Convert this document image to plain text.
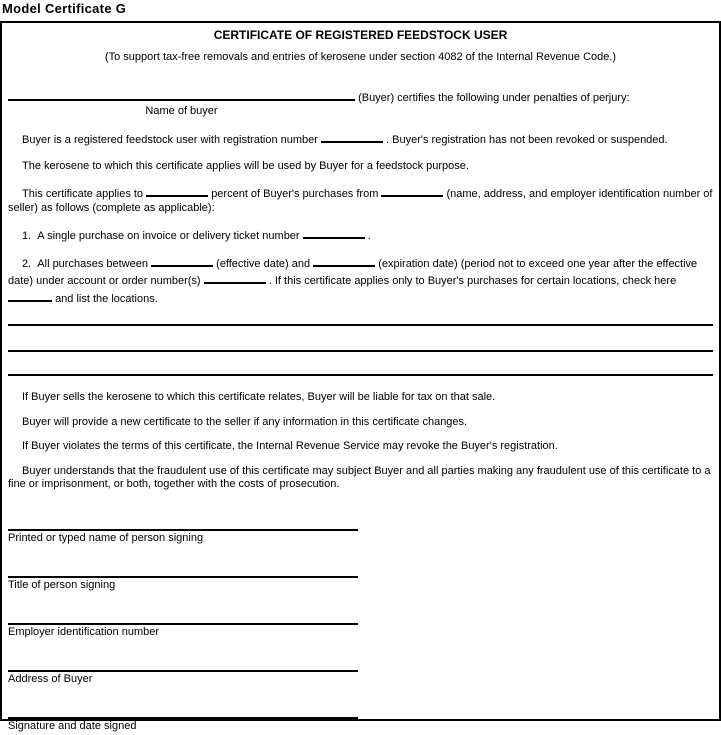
Model Certificate G
CERTIFICATE OF REGISTERED FEEDSTOCK USER
(To support tax-free removals and entries of kerosene under section 4082 of the Internal Revenue Code.)
(Buyer) certifies the following under penalties of perjury:
Name of buyer

Buyer is a registered feedstock user with registration number	. Buyer's registration has not been revoked or suspended.

The kerosene to which this certificate applies will be used by Buyer for a feedstock purpose.

This certificate applies to	percent of Buyer's purchases from	(name, address, and employer identification number of seller) as follows (complete as applicable):

1.  A single purchase on invoice or delivery ticket number	.

2.  All purchases between	(effective date) and	(expiration date) (period not to exceed one year after the effective date) under account or order number(s)	. If this certificate applies only to Buyer's purchases for certain locations, check here  and list the locations.

If Buyer sells the kerosene to which this certificate relates, Buyer will be liable for tax on that sale.

Buyer will provide a new certificate to the seller if any information in this certificate changes.

If Buyer violates the terms of this certificate, the Internal Revenue Service may revoke the Buyer's registration.

Buyer understands that the fraudulent use of this certificate may subject Buyer and all parties making any fraudulent use of this certificate to a fine or imprisonment, or both, together with the costs of prosecution.

Printed or typed name of person signing
Title of person signing
Employer identification number
Address of Buyer
Signature and date signed
